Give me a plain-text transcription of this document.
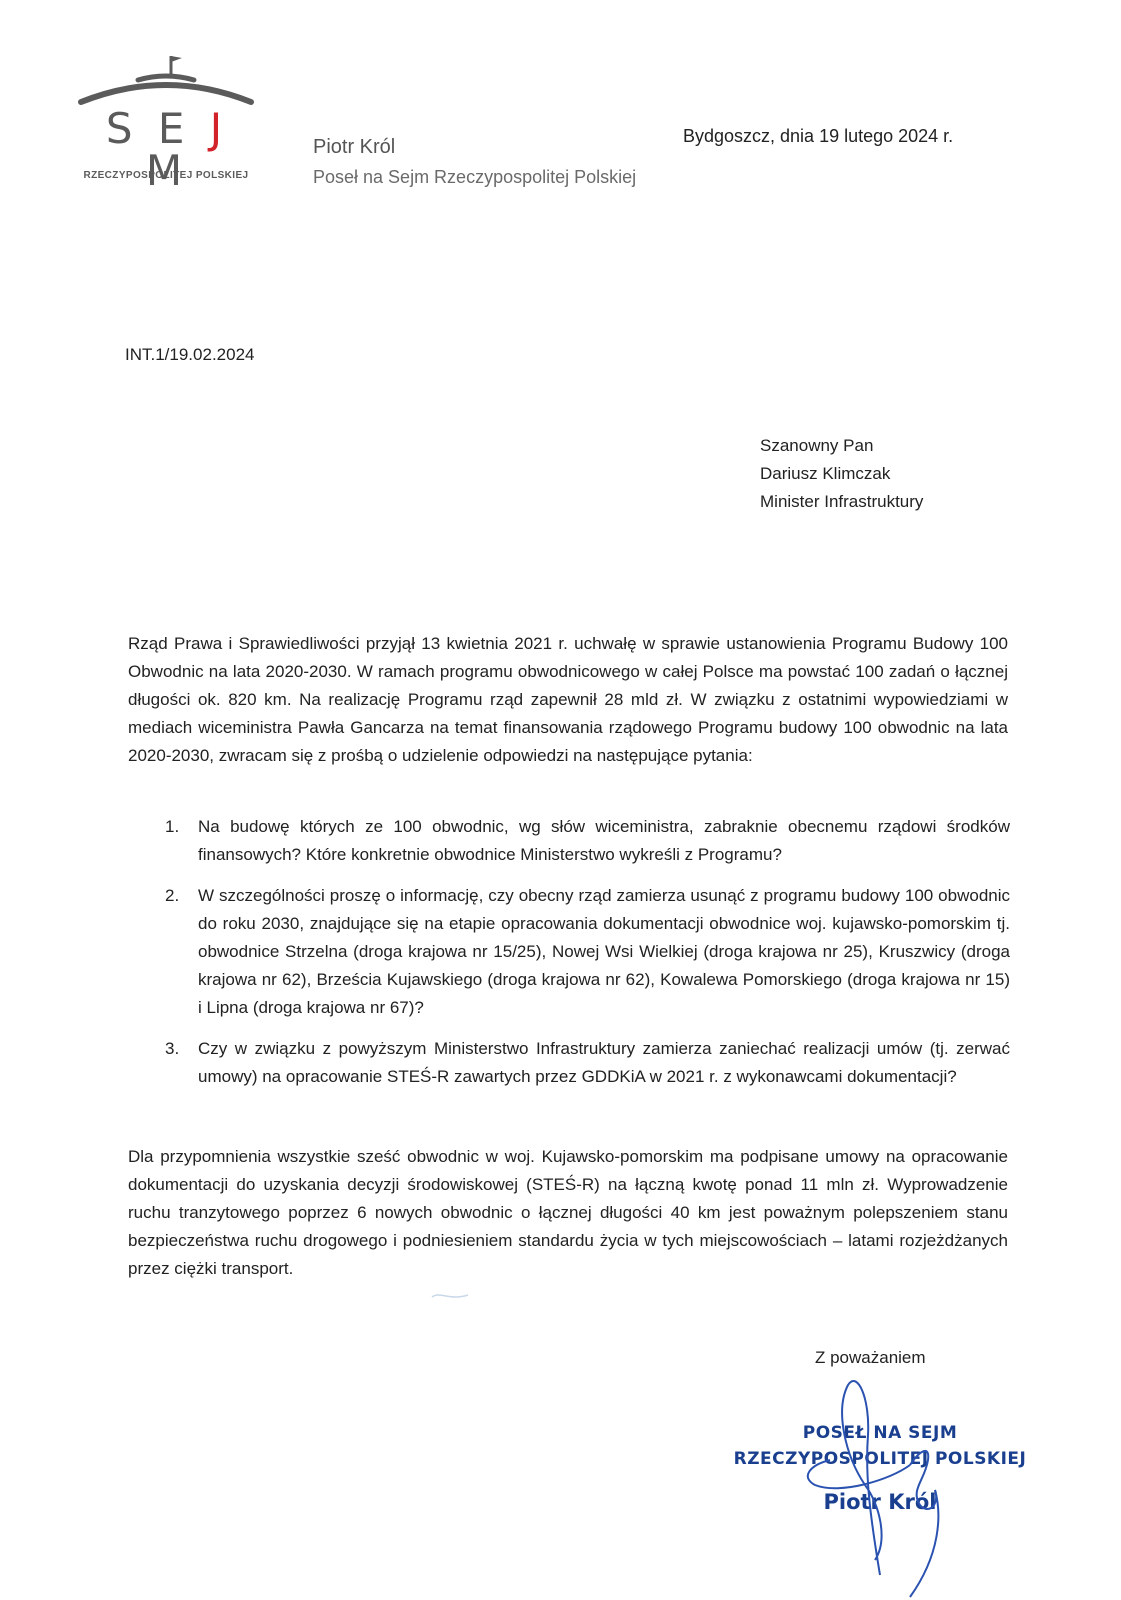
S E J M
RZECZYPOSPOLITEJ POLSKIEJ
Piotr Król
Poseł na Sejm Rzeczypospolitej Polskiej
Bydgoszcz, dnia 19 lutego 2024 r.
INT.1/19.02.2024
Szanowny Pan
Dariusz Klimczak
Minister Infrastruktury
Rząd Prawa i Sprawiedliwości przyjął 13 kwietnia 2021 r. uchwałę w sprawie ustanowienia Programu Budowy 100 Obwodnic na lata 2020-2030. W ramach programu obwodnicowego w całej Polsce ma powstać 100 zadań o łącznej długości ok. 820 km. Na realizację Programu rząd zapewnił 28 mld zł. W związku z ostatnimi wypowiedziami w mediach wiceministra Pawła Gancarza na temat finansowania rządowego Programu budowy 100 obwodnic na lata 2020-2030, zwracam się z prośbą o udzielenie odpowiedzi na następujące pytania:
1. Na budowę których ze 100 obwodnic, wg słów wiceministra, zabraknie obecnemu rządowi środków finansowych? Które konkretnie obwodnice Ministerstwo wykreśli z Programu?
2. W szczególności proszę o informację, czy obecny rząd zamierza usunąć z programu budowy 100 obwodnic do roku 2030, znajdujące się na etapie opracowania dokumentacji obwodnice woj. kujawsko-pomorskim tj. obwodnice Strzelna (droga krajowa nr 15/25), Nowej Wsi Wielkiej (droga krajowa nr 25), Kruszwicy (droga krajowa nr 62), Brześcia Kujawskiego (droga krajowa nr 62), Kowalewa Pomorskiego (droga krajowa nr 15) i Lipna (droga krajowa nr 67)?
3. Czy w związku z powyższym Ministerstwo Infrastruktury zamierza zaniechać realizacji umów (tj. zerwać umowy) na opracowanie STEŚ-R zawartych przez GDDKiA w 2021 r. z wykonawcami dokumentacji?
Dla przypomnienia wszystkie sześć obwodnic w woj. Kujawsko-pomorskim ma podpisane umowy na opracowanie dokumentacji do uzyskania decyzji środowiskowej (STEŚ-R) na łączną kwotę ponad 11 mln zł. Wyprowadzenie ruchu tranzytowego poprzez 6 nowych obwodnic o łącznej długości 40 km jest poważnym polepszeniem stanu bezpieczeństwa ruchu drogowego i podniesieniem standardu życia w tych miejscowościach – latami rozjeżdżanych przez ciężki transport.
Z poważaniem
POSEŁ NA SEJM
RZECZYPOSPOLITEJ POLSKIEJ
Piotr Król
